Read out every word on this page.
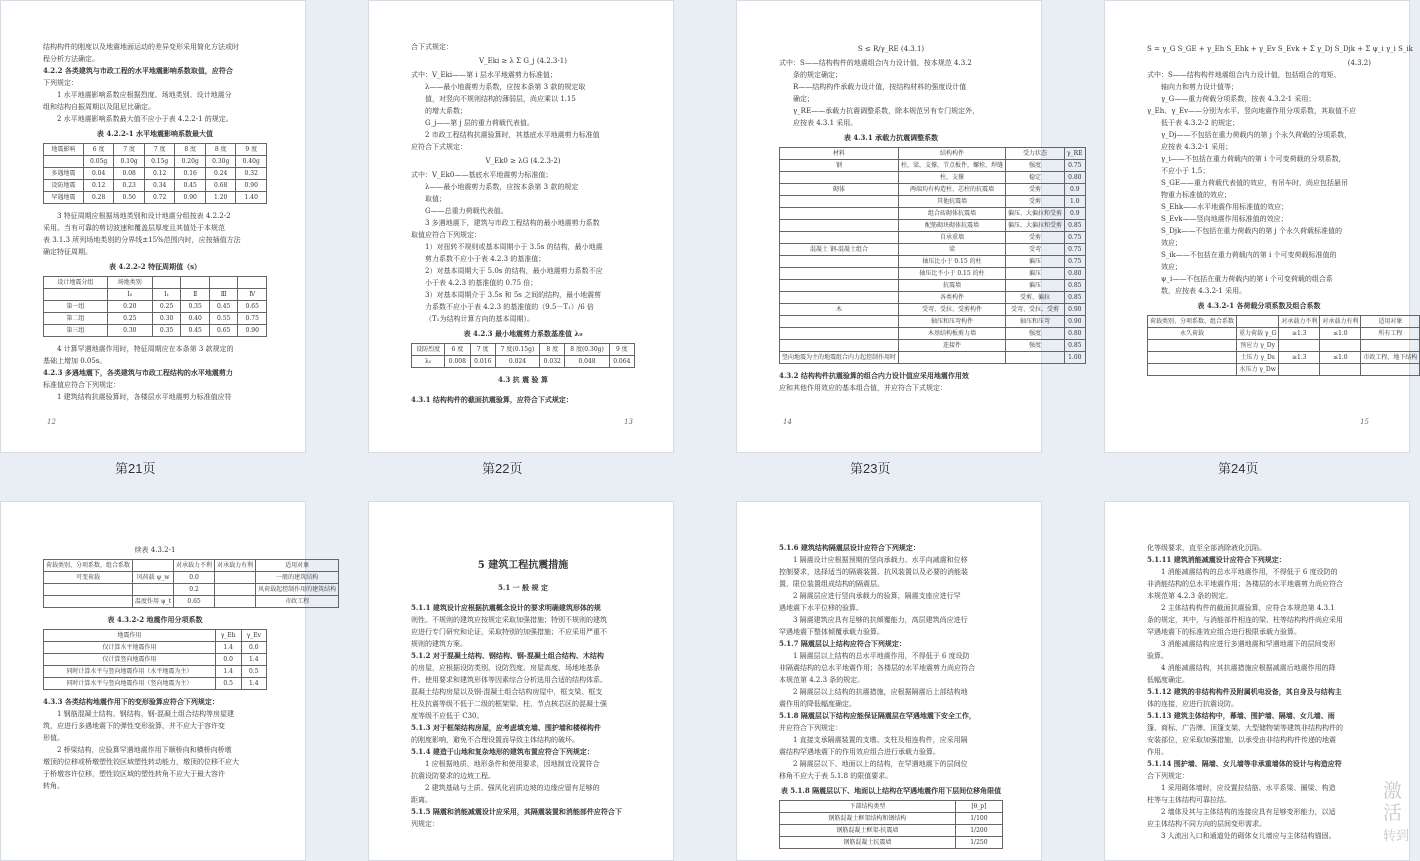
结构构件的刚度以及地震地面运动的差异变形采用简化方法或时

程分析方法确定。

4.2.2 各类建筑与市政工程的水平地震影响系数取值，应符合

下列规定：

1 水平地震影响系数应根据烈度、场地类别、设计地震分

组和结构自振周期以及阻尼比确定。

2 水平地震影响系数最大值不应小于表 4.2.2-1 的规定。

表 4.2.2-1 水平地震影响系数最大值

地震影响	6 度	7 度	7 度	8 度	8 度	9 度
	0.05g	0.10g	0.15g	0.20g	0.30g	0.40g
多遇地震	0.04	0.08	0.12	0.16	0.24	0.32
设防地震	0.12	0.23	0.34	0.45	0.68	0.90
罕遇地震	0.28	0.50	0.72	0.90	1.20	1.40

3 特征周期应根据场地类别和设计地震分组按表 4.2.2-2

采用。当有可靠的剪切波速和覆盖层厚度且其值处于本规范

表 3.1.3 所列场地类别的分界线±15%范围内时，应按插值方法

确定特征周期。

表 4.2.2-2 特征周期值（s）

设计地震分组	场地类别				
	I₀	I₁	Ⅱ	Ⅲ	Ⅳ
第一组	0.20	0.25	0.35	0.45	0.65
第二组	0.25	0.30	0.40	0.55	0.75
第三组	0.30	0.35	0.45	0.65	0.90

4 计算罕遇地震作用时，特征周期应在本条第 3 款规定的

基础上增加 0.05s。

4.2.3 多遇地震下，各类建筑与市政工程结构的水平地震剪力

标准值应符合下列规定：

1 建筑结构抗震验算时，各楼层水平地震剪力标准值应符

12
第21页

合下式规定：

V_Eki ≥ λ Σ G_j (4.2.3-1)

式中：V_Eki——第 i 层水平地震剪力标准值；

λ——最小地震剪力系数，应按本条第 3 款的规定取

值，对竖向不规则结构的薄弱层，尚应乘以 1.15

的增大系数；

G_j——第 j 层的重力荷载代表值。

2 市政工程结构抗震验算时，其基底水平地震剪力标准值

应符合下式规定：

V_Ek0 ≥ λG (4.2.3-2)

式中：V_Ek0——基底水平地震剪力标准值；

λ——最小地震剪力系数，应按本条第 3 款的规定

取值；

G——总重力荷载代表值。

3 多遇地震下，建筑与市政工程结构的最小地震剪力系数

取值应符合下列规定：

1）对扭转不规则或基本周期小于 3.5s 的结构，最小地震

剪力系数不应小于表 4.2.3 的基准值；

2）对基本周期大于 5.0s 的结构，最小地震剪力系数不应

小于表 4.2.3 的基准值的 0.75 倍；

3）对基本周期介于 3.5s 和 5s 之间的结构，最小地震剪

力系数不应小于表 4.2.3 的基准值的（9.5－T₁）/6 倍

（T₁为结构计算方向的基本周期）。

表 4.2.3 最小地震剪力系数基准值 λ₀

设防烈度	6 度	7 度	7 度(0.15g)	8 度	8 度(0.30g)	9 度
λ₀	0.008	0.016	0.024	0.032	0.048	0.064

4.3 抗 震 验 算

4.3.1 结构构件的截面抗震验算，应符合下式规定：

13
第22页

S ≤ R/γ_RE (4.3.1)

式中：S——结构构件的地震组合内力设计值，按本规范 4.3.2

条的规定确定；

R——结构构件承载力设计值，按结构材料的强度设计值

确定；

γ_RE——承载力抗震调整系数，除本规范另有专门规定外，

应按表 4.3.1 采用。

表 4.3.1 承载力抗震调整系数

材料	结构构件	受力状态	γ_RE
钢	柱，梁，支撑，节点板件，螺栓，焊缝	强度	0.75
	柱，支撑	稳定	0.80
砌体	两端均有构造柱、芯柱的抗震墙	受剪	0.9
	其他抗震墙	受剪	1.0
	组合砖砌体抗震墙	偏压、大偏拉和受剪	0.9
	配筋砌块砌体抗震墙	偏压、大偏拉和受剪	0.85
	自承重墙	受剪	0.75
混凝土 钢-混凝土组合	梁	受弯	0.75
	轴压比小于 0.15 的柱	偏压	0.75
	轴压比不小于 0.15 的柱	偏压	0.80
	抗震墙	偏压	0.85
	各类构件	受剪、偏拉	0.85
木	受弯、受拉、受剪构件	受弯、受拉、受剪	0.90
	轴压和压弯构件	轴压和压弯	0.90
	木基结构板剪力墙	强度	0.80
	连接件	强度	0.85
竖向地震为主的地震组合内力起控制作用时			1.00

4.3.2 结构构件抗震验算的组合内力设计值应采用地震作用效

应和其他作用效应的基本组合值，并应符合下式规定：

14
第23页

S = γ_G S_GE + γ_Eh S_Ehk + γ_Ev S_Evk + Σ γ_Dj S_Djk + Σ ψ_i γ_i S_ik

(4.3.2)

式中：S——结构构件地震组合内力设计值，包括组合的弯矩、

轴向力和剪力设计值等；

γ_G——重力荷载分项系数，按表 4.3.2-1 采用；

γ_Eh、γ_Ev——分别为水平、竖向地震作用分项系数，其取值不应

低于表 4.3.2-2 的规定；

γ_Dj——不包括在重力荷载内的第 j 个永久荷载的分项系数，

应按表 4.3.2-1 采用；

γ_i——不包括在重力荷载内的第 i 个可变荷载的分项系数，

不应小于 1.5；

S_GE——重力荷载代表值的效应，有吊车时，尚应包括悬吊

物重力标准值的效应；

S_Ehk——水平地震作用标准值的效应；

S_Evk——竖向地震作用标准值的效应；

S_Djk——不包括在重力荷载内的第 j 个永久荷载标准值的

效应；

S_ik——不包括在重力荷载内的第 i 个可变荷载标准值的

效应；

ψ_i——不包括在重力荷载内的第 i 个可变荷载的组合系

数，应按表 4.3.2-1 采用。

表 4.3.2-1 各荷载分项系数及组合系数

荷载类别、分项系数、组合系数		对承载力不利	对承载力有利	适用对象
永久荷载	重力荷载 γ_G	≥1.3	≤1.0	所有工程
	预应力 γ_Dy			
	土压力 γ_Ds	≥1.3	≤1.0	市政工程、地下结构
	水压力 γ_Dw			
15
第24页

续表 4.3.2-1

荷载类别、分项系数、组合系数		对承载力不利	对承载力有利	适用对象
可变荷载	风荷载 ψ_w	0.0		一般的建筑结构
		0.2		风荷载起控制作用的建筑结构
	温度作用 ψ_t	0.65		市政工程

表 4.3.2-2 地震作用分项系数

地震作用	γ_Eh	γ_Ev
仅计算水平地震作用	1.4	0.0
仅计算竖向地震作用	0.0	1.4
同时计算水平与竖向地震作用（水平地震为主）	1.4	0.5
同时计算水平与竖向地震作用（竖向地震为主）	0.5	1.4

4.3.3 各类结构地震作用下的变形验算应符合下列规定：

1 钢筋混凝土结构、钢结构、钢-混凝土组合结构等房屋建

筑，应进行多遇地震下的弹性变形验算，并不应大于容许变

形值。

2 桥梁结构，应验算罕遇地震作用下顺桥向和横桥向桥墩

墩顶的位移或桥墩塑性铰区域塑性转动能力，墩顶的位移不应大

于桥墩容许位移，塑性铰区域的塑性转角不应大于最大容许

转角。

5 建筑工程抗震措施

5.1 一 般 规 定

5.1.1 建筑设计应根据抗震概念设计的要求明确建筑形体的规

则性。不规则的建筑应按规定采取加强措施；特别不规则的建筑

应进行专门研究和论证，采取特别的加强措施；不应采用严重不

规则的建筑方案。

5.1.2 对于混凝土结构、钢结构、钢-混凝土组合结构、木结构

的房屋，应根据设防类别、设防烈度、房屋高度、场地地基条

件、使用要求和建筑形体等因素综合分析选用合适的结构体系。

混凝土结构房屋以及钢-混凝土组合结构房屋中，框支梁、框支

柱及抗震等级不低于二级的框架梁、柱、节点核芯区的混凝土强

度等级不应低于 C30。

5.1.3 对于框架结构房屋，应考虑填充墙、围护墙和楼梯构件

的刚度影响，避免不合理设置而导致主体结构的破坏。

5.1.4 建造于山地和复杂地形的建筑布置应符合下列规定：

1 应根据地质、地形条件和使用要求，因地制宜设置符合

抗震设防要求的边坡工程。

2 建筑基础与土质、强风化岩质边坡的边缘应留有足够的

距离。

5.1.5 隔震和消能减震设计应采用，其隔震装置和消能部件应符合下

列规定：

5.1.6 建筑结构隔震层设计应符合下列规定：

1 隔震设计应根据预期的竖向承载力、水平向减震和位移

控制要求，选择适当的隔震装置、抗风装置以及必要的消能装

置、限位装置组成结构的隔震层。

2 隔震层应进行竖向承载力的验算，隔震支座应进行罕

遇地震下水平位移的验算。

3 隔震建筑应具有足够的抗倾覆能力，高层建筑尚应进行

罕遇地震下整体倾覆承载力验算。

5.1.7 隔震层以上结构应符合下列规定：

1 隔震层以上结构的总水平地震作用，不得低于 6 度设防

非隔震结构的总水平地震作用；各楼层的水平地震剪力尚应符合

本规范第 4.2.3 条的规定。

2 隔震层以上结构的抗震措施，应根据隔震后上部结构地

震作用的降低幅度确定。

5.1.8 隔震层以下结构应能保证隔震层在罕遇地震下安全工作，

并应符合下列规定：

1 直接支承隔震装置的支墩、支柱及相连构件，应采用隔

震结构罕遇地震下的作用效应组合进行承载力验算。

2 隔震层以下、地面以上的结构，在罕遇地震下的层间位

移角不应大于表 5.1.8 的限值要求。

表 5.1.8 隔震层以下、地面以上结构在罕遇地震作用下层间位移角限值

下部结构类型	[θ_p]
钢筋混凝土框架结构和钢结构	1/100
钢筋混凝土框架-抗震墙	1/200
钢筋混凝土抗震墙	1/250

化等级要求，直至全部消除液化沉陷。

5.1.11 建筑消能减震设计应符合下列规定：

1 消能减震结构的总水平地震作用，不得低于 6 度设防的

非消能结构的总水平地震作用；各楼层的水平地震剪力尚应符合

本规范第 4.2.3 条的规定。

2 主体结构构件的截面抗震验算，应符合本规范第 4.3.1

条的规定，其中，与消能部件相连的梁、柱等结构构件尚应采用

罕遇地震下的标准效应组合进行极限承载力验算。

3 消能减震结构应进行多遇地震和罕遇地震下的层间变形

验算。

4 消能减震结构，其抗震措施应根据减震后地震作用的降

低幅度确定。

5.1.12 建筑的非结构构件及附属机电设备，其自身及与结构主

体的连接，应进行抗震设防。

5.1.13 建筑主体结构中，幕墙、围护墙、隔墙、女儿墙、雨

篷、商标、广告牌、顶篷支架、大型储物架等建筑非结构构件的

安装部位，应采取加强措施，以承受由非结构构件传递的地震

作用。

5.1.14 围护墙、隔墙、女儿墙等非承重墙体的设计与构造应符

合下列规定：

1 采用砌体墙时，应设置拉结筋、水平系梁、圈梁、构造

柱等与主体结构可靠拉结。

2 墙体及其与主体结构的连接应具有足够变形能力，以适

应主体结构不同方向的层间变形需求。

3 人流出入口和通道处的砌体女儿墙应与主体结构锚固。

激活
转到
